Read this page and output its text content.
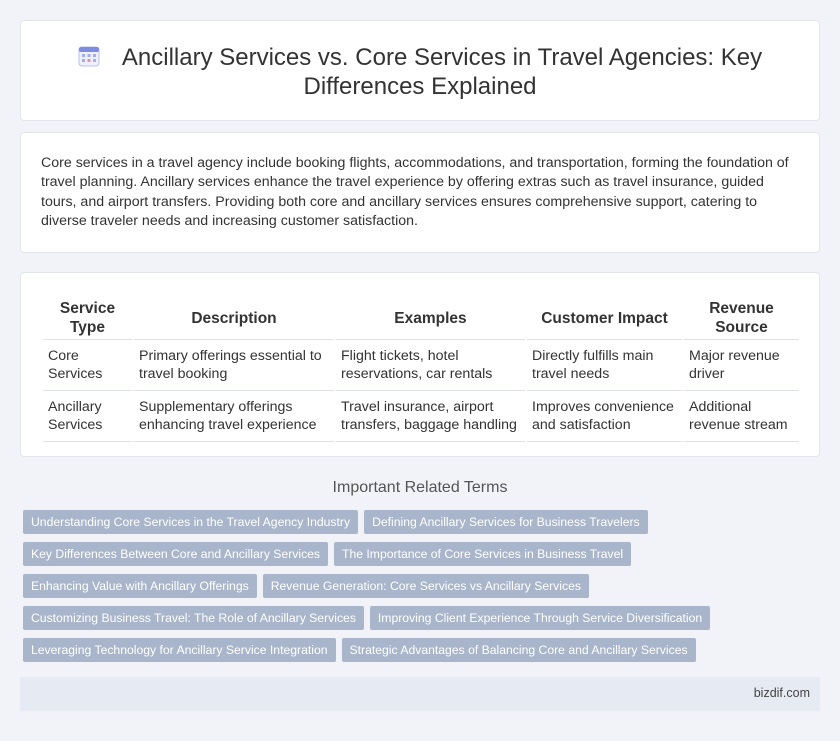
Ancillary Services vs. Core Services in Travel Agencies: Key Differences Explained

Core services in a travel agency include booking flights, accommodations, and transportation, forming the foundation of travel planning. Ancillary services enhance the travel experience by offering extras such as travel insurance, guided tours, and airport transfers. Providing both core and ancillary services ensures comprehensive support, catering to diverse traveler needs and increasing customer satisfaction.

Service Type	Description	Examples	Customer Impact	Revenue Source
Core Services	Primary offerings essential to travel booking	Flight tickets, hotel reservations, car rentals	Directly fulfills main travel needs	Major revenue driver
Ancillary Services	Supplementary offerings enhancing travel experience	Travel insurance, airport transfers, baggage handling	Improves convenience and satisfaction	Additional revenue stream
Important Related Terms
Understanding Core Services in the Travel Agency Industry Defining Ancillary Services for Business Travelers
Key Differences Between Core and Ancillary Services The Importance of Core Services in Business Travel
Enhancing Value with Ancillary Offerings Revenue Generation: Core Services vs Ancillary Services
Customizing Business Travel: The Role of Ancillary Services Improving Client Experience Through Service Diversification
Leveraging Technology for Ancillary Service Integration Strategic Advantages of Balancing Core and Ancillary Services
bizdif.com
